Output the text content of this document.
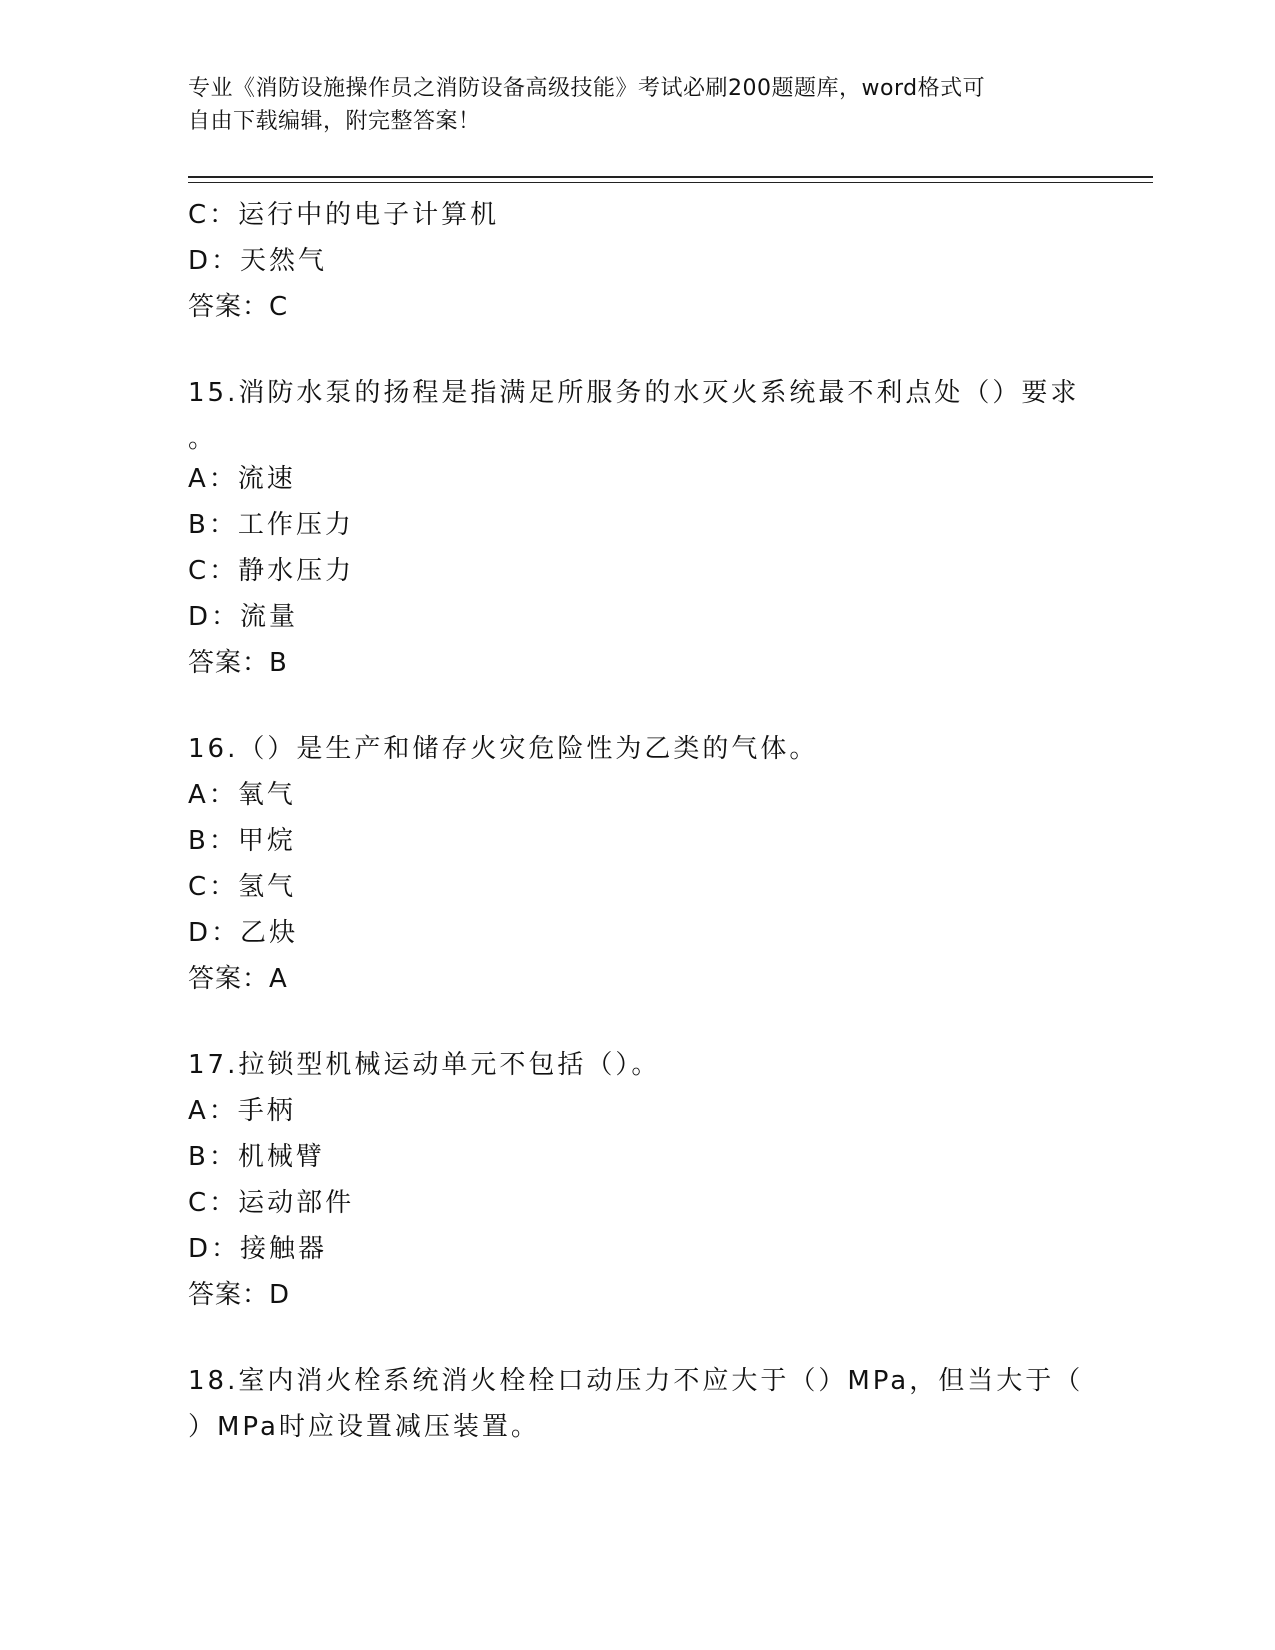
专业《消防设施操作员之消防设备高级技能》考试必刷200题题库，word格式可
自由下载编辑，附完整答案！
C：运行中的电子计算机
D：天然气
答案：C
15.消防水泵的扬程是指满足所服务的水灭火系统最不利点处（）要求
。
A：流速
B：工作压力
C：静水压力
D：流量
答案：B
16.（）是生产和储存火灾危险性为乙类的气体。
A：氧气
B：甲烷
C：氢气
D：乙炔
答案：A
17.拉锁型机械运动单元不包括（）。
A：手柄
B：机械臂
C：运动部件
D：接触器
答案：D
18.室内消火栓系统消火栓栓口动压力不应大于（）MPa，但当大于（
）MPa时应设置减压装置。
